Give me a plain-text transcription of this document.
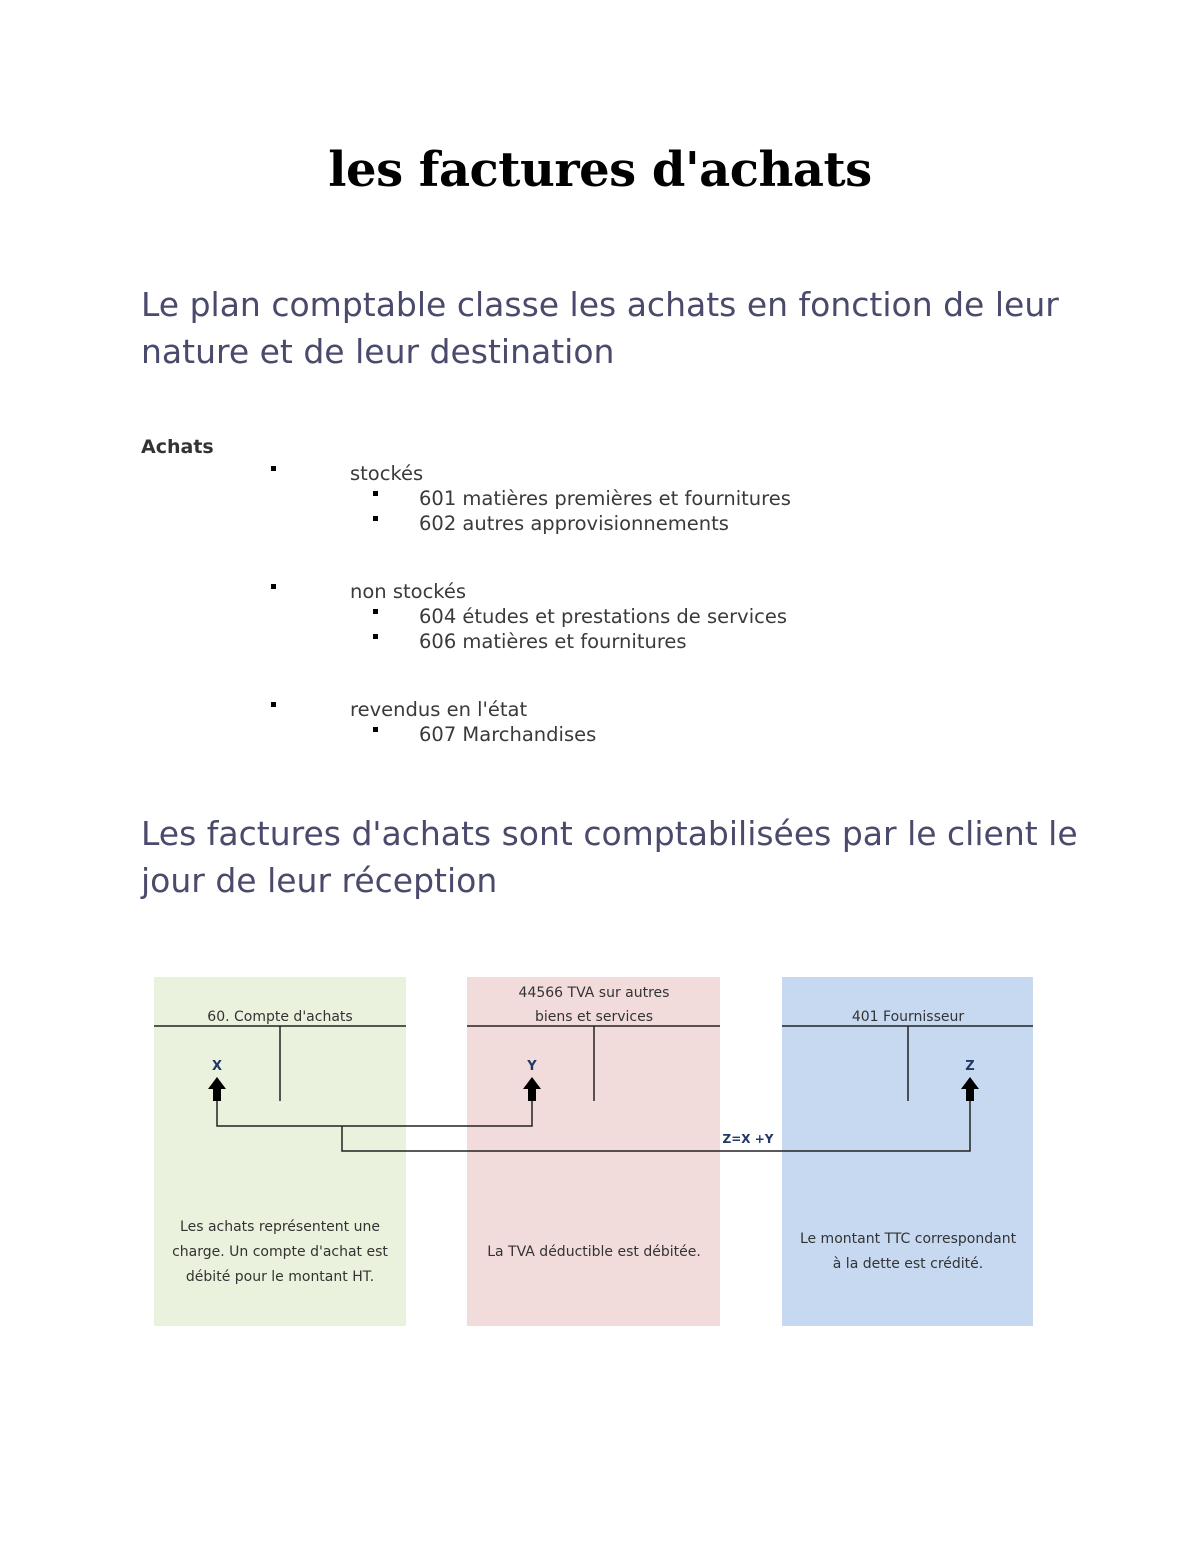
les factures d'achats
Le plan comptable classe les achats en fonction de leur nature et de leur destination
Achats
stockés
601 matières premières et fournitures
602 autres approvisionnements
non stockés
604 études et prestations de services
606 matières et fournitures
revendus en l'état
607 Marchandises
Les factures d'achats sont comptabilisées par le client le jour de leur réception
60. Compte d'achats
44566 TVA sur autres
biens et services	401 Fournisseur
X	Y	Z
Z=X +Y
Les achats représentent une
charge. Un compte d'achat est
débité pour le montant HT.
La TVA déductible est débitée.
Le montant TTC correspondant
à la dette est crédité.
